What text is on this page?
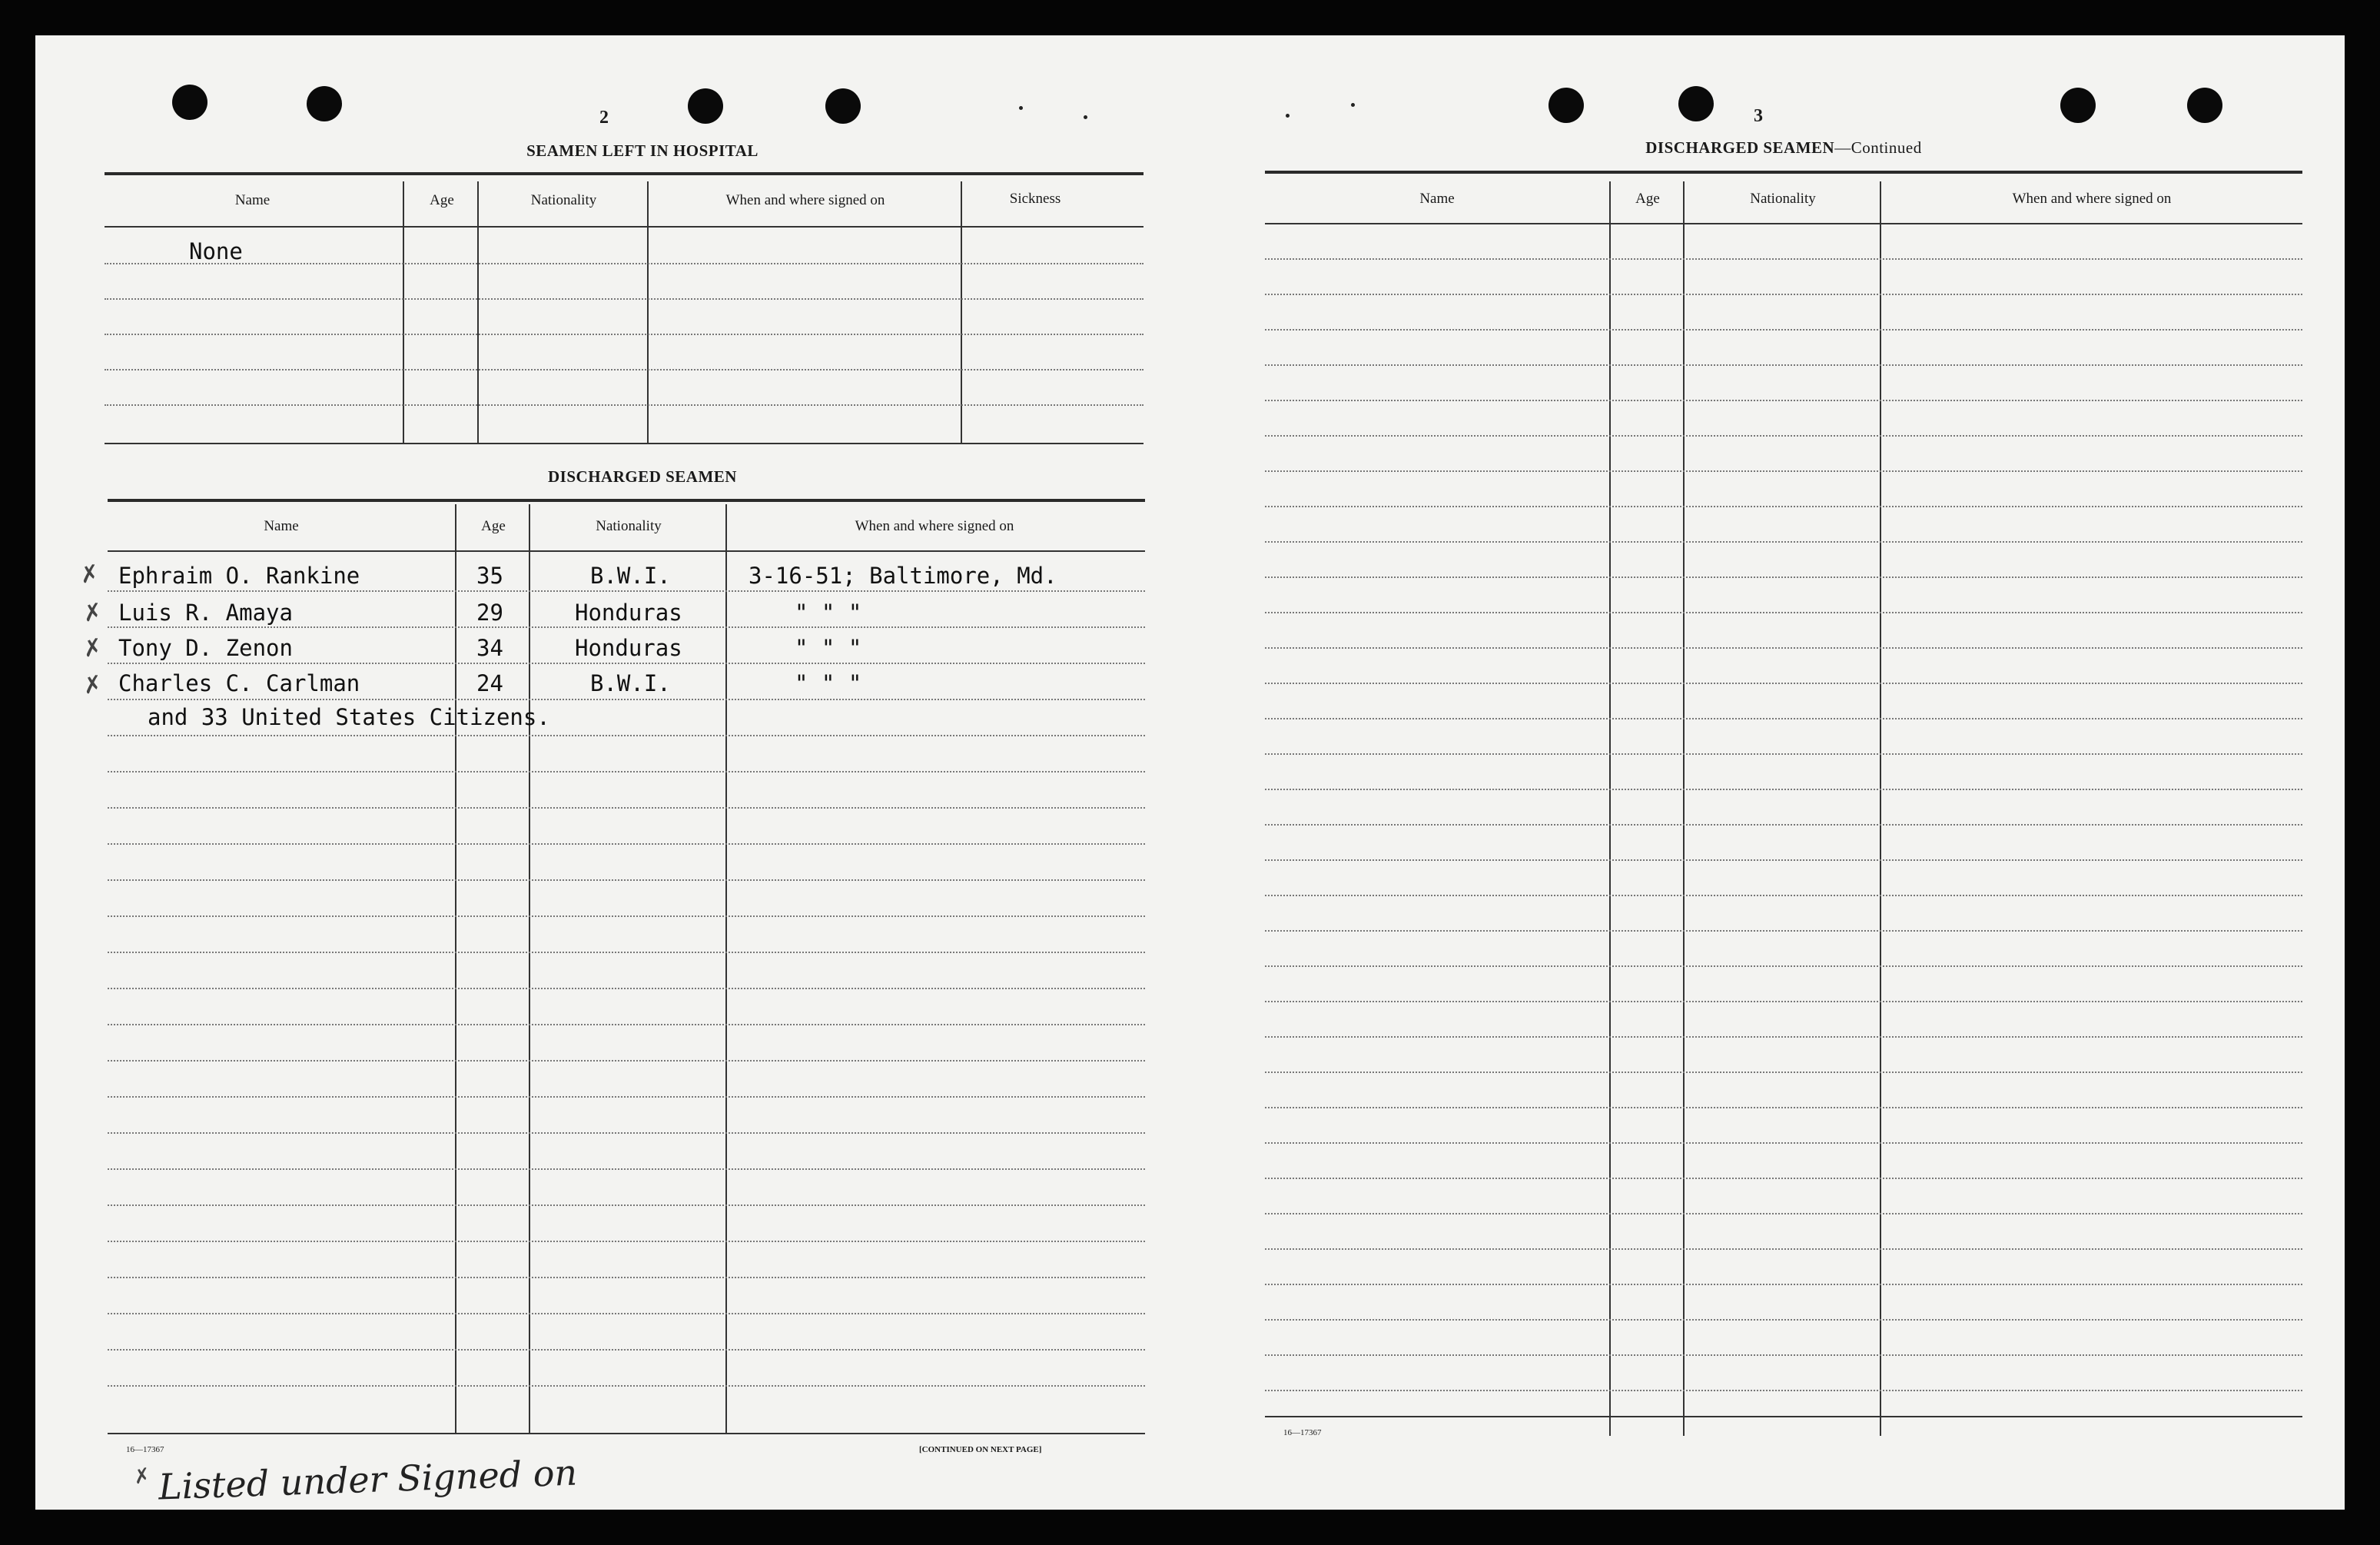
2
SEAMEN LEFT IN HOSPITAL
Name	Age	Nationality	When and where signed on	Sickness
None
DISCHARGED SEAMEN
Name	Age	Nationality	When and where signed on
✗ Ephraim O. Rankine	35	B.W.I.	3-16-51; Baltimore, Md.
✗ Luis R. Amaya	29	Honduras	" " "
✗ Tony D. Zenon	34	Honduras	" " "
✗ Charles C. Carlman	24	B.W.I.	" " "
and 33 United States Citizens.
16—17367	[CONTINUED ON NEXT PAGE]
✗ Listed under Signed on
3
DISCHARGED SEAMEN—Continued
Name	Age	Nationality	When and where signed on
16—17367
